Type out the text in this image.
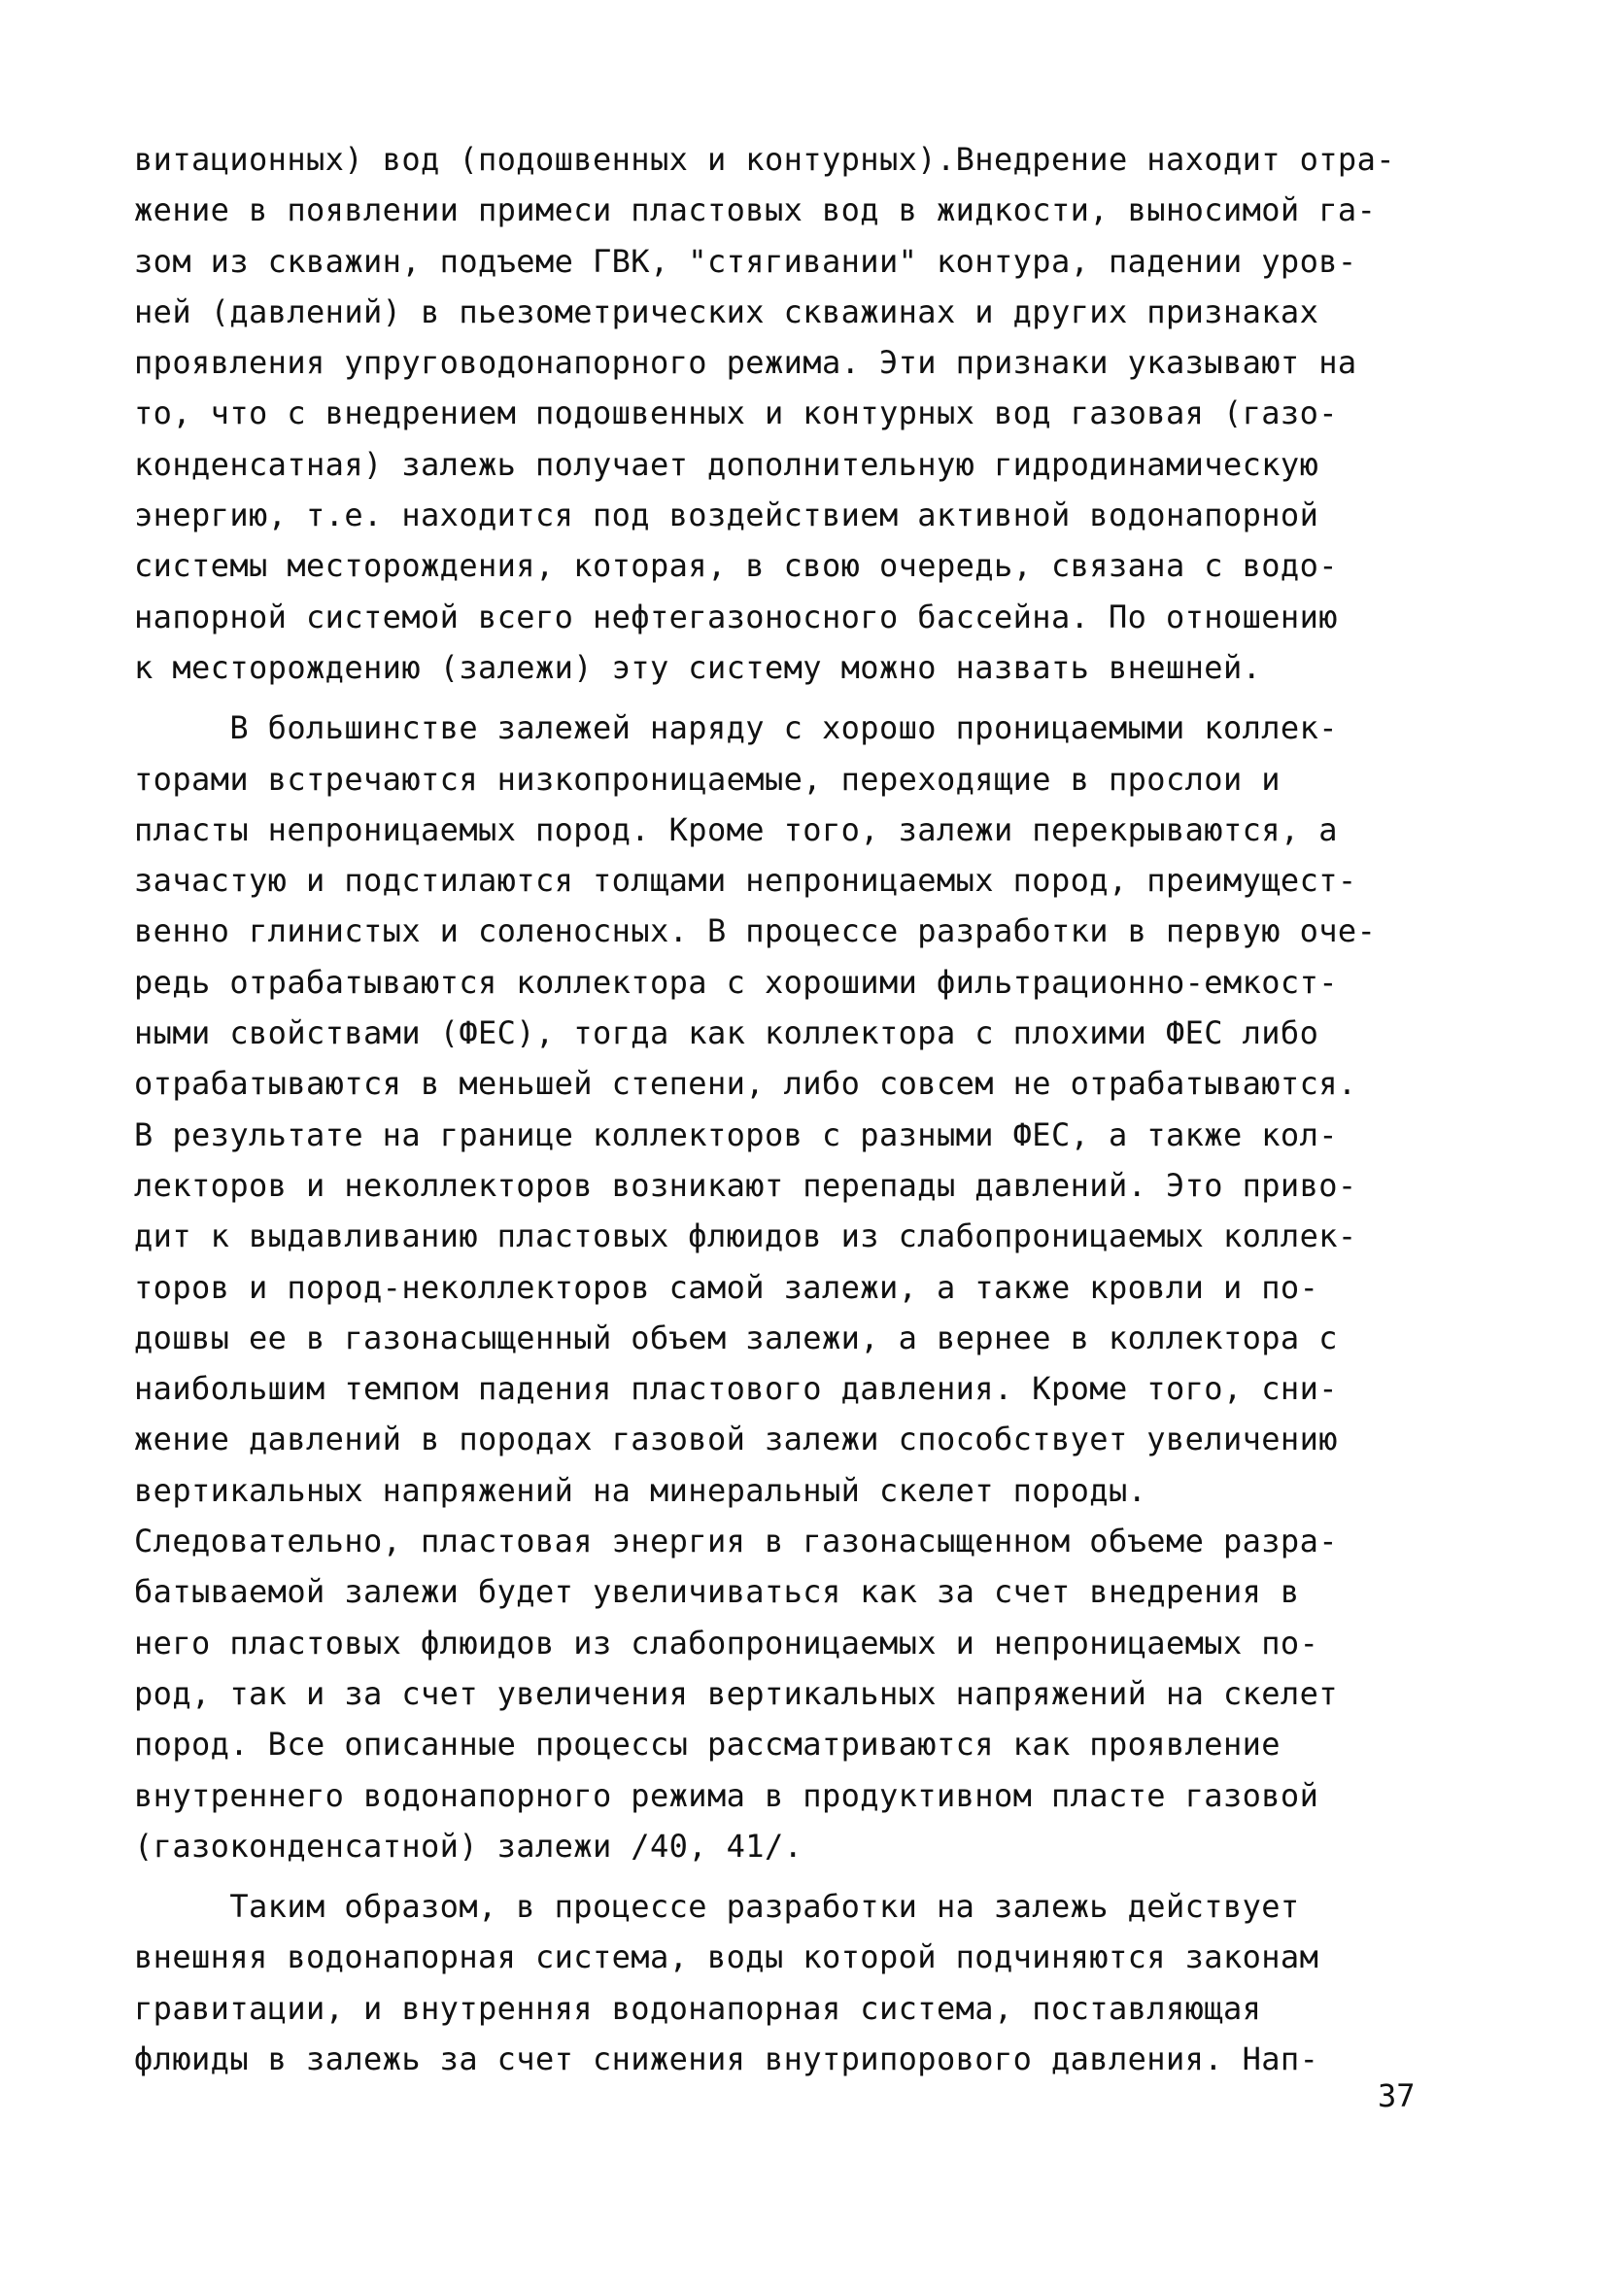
витационных) вод (подошвенных и контурных).Внедрение находит отра-
жение в появлении примеси пластовых вод в жидкости, выносимой га-
зом из скважин, подъеме ГВК, "стягивании" контура, падении уров-
ней (давлений) в пьезометрических скважинах и других признаках
проявления упруговодонапорного режима. Эти признаки указывают на
то, что с внедрением подошвенных и контурных вод газовая (газо-
конденсатная) залежь получает дополнительную гидродинамическую
энергию, т.е. находится под воздействием активной водонапорной
системы месторождения, которая, в свою очередь, связана с водо-
напорной системой всего нефтегазоносного бассейна. По отношению
к месторождению (залежи) эту систему можно назвать внешней.
В большинстве залежей наряду с хорошо проницаемыми коллек-
торами встречаются низкопроницаемые, переходящие в прослои и
пласты непроницаемых пород. Кроме того, залежи перекрываются, а
зачастую и подстилаются толщами непроницаемых пород, преимущест-
венно глинистых и соленосных. В процессе разработки в первую оче-
редь отрабатываются коллектора с хорошими фильтрационно-емкост-
ными свойствами (ФЕС), тогда как коллектора с плохими ФЕС либо
отрабатываются в меньшей степени, либо совсем не отрабатываются.
В результате на границе коллекторов с разными ФЕС, а также кол-
лекторов и неколлекторов возникают перепады давлений. Это приво-
дит к выдавливанию пластовых флюидов из слабопроницаемых коллек-
торов и пород-неколлекторов самой залежи, а также кровли и по-
дошвы ее в газонасыщенный объем залежи, а вернее в коллектора с
наибольшим темпом падения пластового давления. Кроме того, сни-
жение давлений в породах газовой залежи способствует увеличению
вертикальных напряжений на минеральный скелет породы.
Следовательно, пластовая энергия в газонасыщенном объеме разра-
батываемой залежи будет увеличиваться как за счет внедрения в
него пластовых флюидов из слабопроницаемых и непроницаемых по-
род, так и за счет увеличения вертикальных напряжений на скелет
пород. Все описанные процессы рассматриваются как проявление
внутреннего водонапорного режима в продуктивном пласте газовой
(газоконденсатной) залежи /40, 41/.
Таким образом, в процессе разработки на залежь действует
внешняя водонапорная система, воды которой подчиняются законам
гравитации, и внутренняя водонапорная система, поставляющая
флюиды в залежь за счет снижения внутрипорового давления. Нап-
37
